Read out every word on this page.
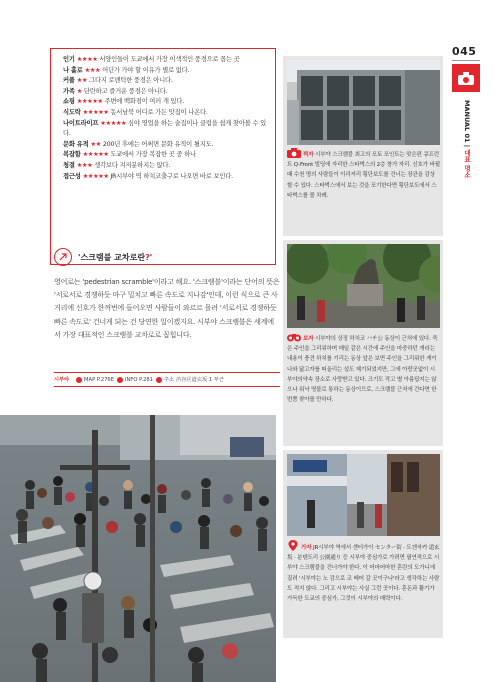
인기 ★★★★ 서양인들이 도쿄에서 가장 이색적인 풍경으로 꼽는 곳
나 홀로 ★★★ 어딘가 가야 할 이유가 별로 없다.
커플 ★★ 그다지 로맨틱한 풍경은 아니다.
가족 ★ 단란하고 즐거운 풍경은 아니다.
쇼핑 ★★★★★ 주변에 백화점이 여러 개 있다.
식도락 ★★★★★ 동서남북 어디로 가든 맛집이 나온다.
나이트라이프 ★★★★★ 심야 영업을 하는 술집이나 클럽을 쉽게 찾아볼 수 있다.
문화 유적 ★★ 200년 후에는 어쩌면 문화 유적이 될지도.
복잡함 ★★★★★ 도쿄에서 가장 복잡한 곳 중 하나
청결 ★★★ 생각보다 지저분하지는 않다.
접근성 ★★★★★ JR시부야 역 하치코출구로 나오면 바로 보인다.
'스크램블 교차로란?'
영어로는 'pedestrian scramble'이라고 해요. '스크램블'이라는 단어의 뜻은 '서로서로 경쟁하듯 마구 밀치고 빠른 속도로 지나감'인데, 이런 식으로 큰 사거리에 신호가 한꺼번에 들어오면 사람들이 와르르 몰려 '서로서로 경쟁하듯 빠른 속도로' 건너게 되는 건 당연한 일이겠지요. 시부야 스크램블은 세계에서 가장 대표적인 스크램블 교차로로 꼽힙니다.
시부야	MAP P.276E INFO P.281 주소 渋谷区道玄坂 1 부근
찍자 시부야 스크램블 최고의 포토 포인트는 맞은편 큐프런트 Q-Front 빌딩에 자리한 스타벅스의 2층 창가 자리. 신호가 바뀔 때 수천 명의 사람들이 이리저리 횡단보도를 건너는 장관을 감상할 수 있다. 스타벅스에서 보는 것을 포기한다면 횡단보도에서 스타벅스를 볼 차례.
보자 시부야의 상징 하치코 ハチ公 동상이 근처에 있다. 죽은 주인을 그리워하며 매일 같은 시간에 주인을 마중하던 개라는 내용이 충견 하치를 기리는 동상 앞은 보면 주인을 그리워한 게이나와 닮고자를 떠올리는 설도 제기되었지만, 그에 아랑곳없이 시부야의약속 장소로 사랑받고 있다. 크기도 작고 별 아름답지는 않으나 워낙 명물로 통하는 동상이므로, 스크램블 근처에 간다면 한 번쯤 찾아볼 만하다.
가자 JR시부야 역에서 센터가이 センター街 · 도겐자카 道玄坂 · 분텐도리 公園通り 등 시부야 중심가로 가려면 필연적으로 시부야 스크램블을 건너가야 한다. 이 어마어마한 혼란의 도가니에 질려 '시부야는 노 감으로 코 베어 갈 곳이구나'라고 생각하는 사람도 적지 않다. 그리고 시부야는 사실 그런 곳이다. 혼돈과 활기가 가득한 도쿄의 중심가, 그것이 시부야의 매력이다.
045
MANUAL 01 | 대표 명소
